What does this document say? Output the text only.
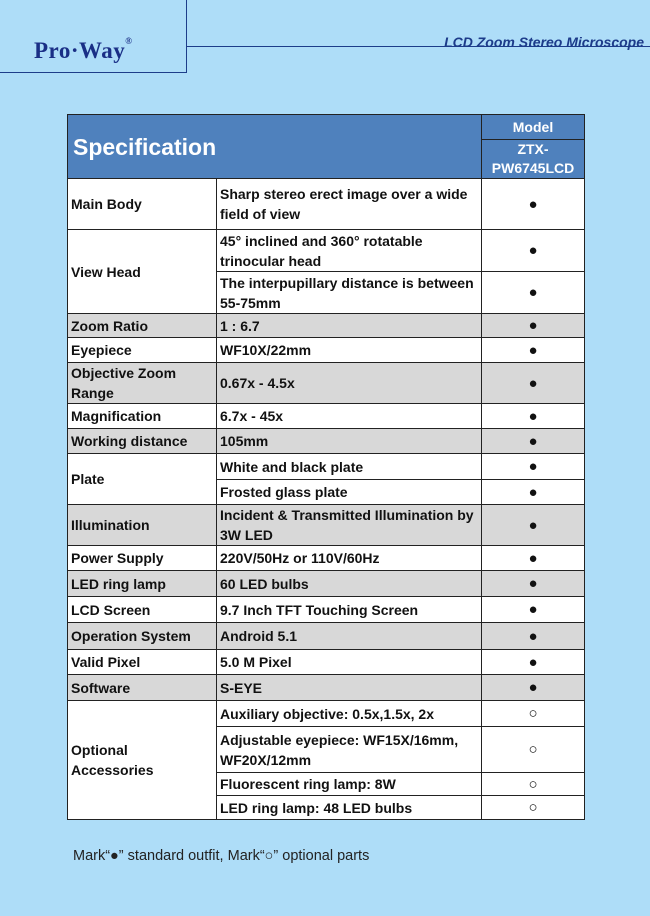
Pro·Way®	LCD Zoom Stereo Microscope
Specification		Model
		ZTX-PW6745LCD
Main Body	Sharp stereo erect image over a wide field of view	●
View Head	45° inclined and 360° rotatable trinocular head	●
	The interpupillary distance is between 55-75mm	●
Zoom Ratio	1 : 6.7	●
Eyepiece	WF10X/22mm	●
Objective Zoom Range	0.67x - 4.5x	●
Magnification	6.7x - 45x	●
Working distance	105mm	●
Plate	White and black plate	●
	Frosted glass plate	●
Illumination	Incident & Transmitted Illumination by 3W LED	●
Power Supply	220V/50Hz or 110V/60Hz	●
LED ring lamp	60 LED bulbs	●
LCD Screen	9.7 Inch TFT Touching Screen	●
Operation System	Android 5.1	●
Valid Pixel	5.0 M Pixel	●
Software	S-EYE	●
Optional Accessories	Auxiliary objective: 0.5x,1.5x, 2x	○
	Adjustable eyepiece: WF15X/16mm, WF20X/12mm	○
	Fluorescent ring lamp: 8W	○
	LED ring lamp: 48 LED bulbs	○
Mark“●” standard outfit, Mark“○” optional parts
